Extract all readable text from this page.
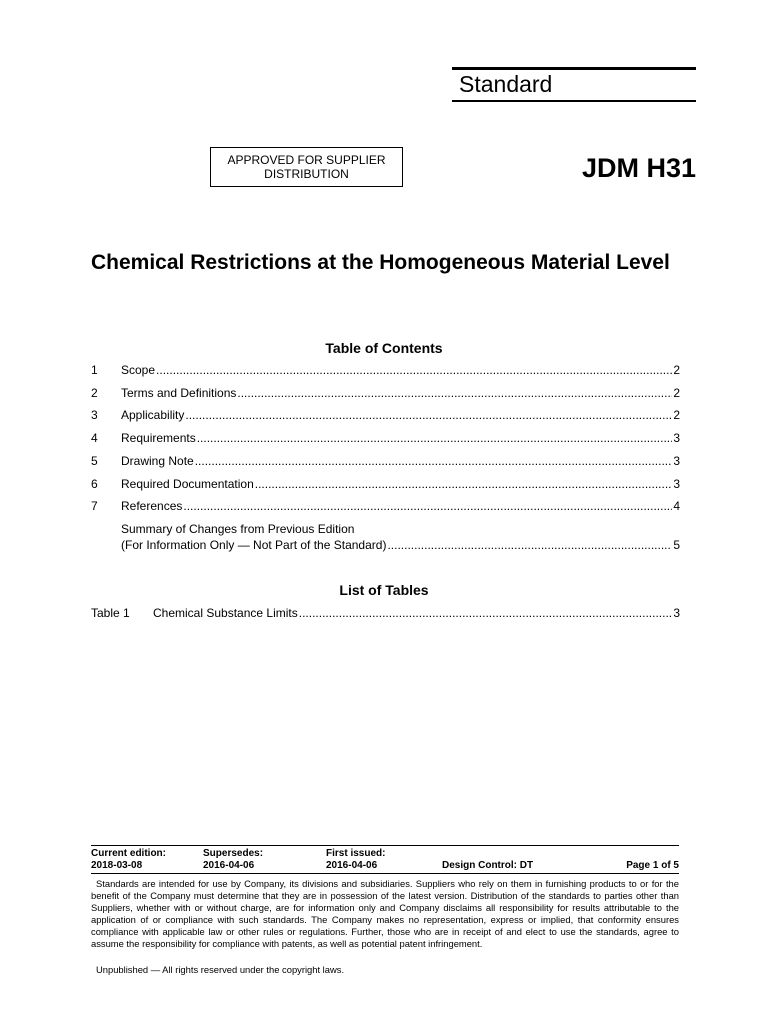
Standard
APPROVED FOR SUPPLIER
DISTRIBUTION	JDM H31
Chemical Restrictions at the Homogeneous Material Level
Table of Contents
1	Scope .....	2
2	Terms and Definitions .....	2
3	Applicability .....	2
4	Requirements .....	3
5	Drawing Note .....	3
6	Required Documentation .....	3
7	References .....	4
Summary of Changes from Previous Edition
(For Information Only — Not Part of the Standard) .....	5
List of Tables
Table 1	Chemical Substance Limits .....	3
Current edition:
2018-03-08
Supersedes:
2016-04-06
First issued:
2016-04-06	Design Control: DT	Page 1 of 5
Standards are intended for use by Company, its divisions and subsidiaries. Suppliers who rely on them in furnishing products to or for the benefit of the Company must determine that they are in possession of the latest version. Distribution of the standards to parties other than Suppliers, whether with or without charge, are for information only and Company disclaims all responsibility for results attributable to the application of or compliance with such standards. The Company makes no representation, express or implied, that conformity ensures compliance with applicable law or other rules or regulations. Further, those who are in receipt of and elect to use the standards, agree to assume the responsibility for compliance with patents, as well as potential patent infringement.
Unpublished — All rights reserved under the copyright laws.
